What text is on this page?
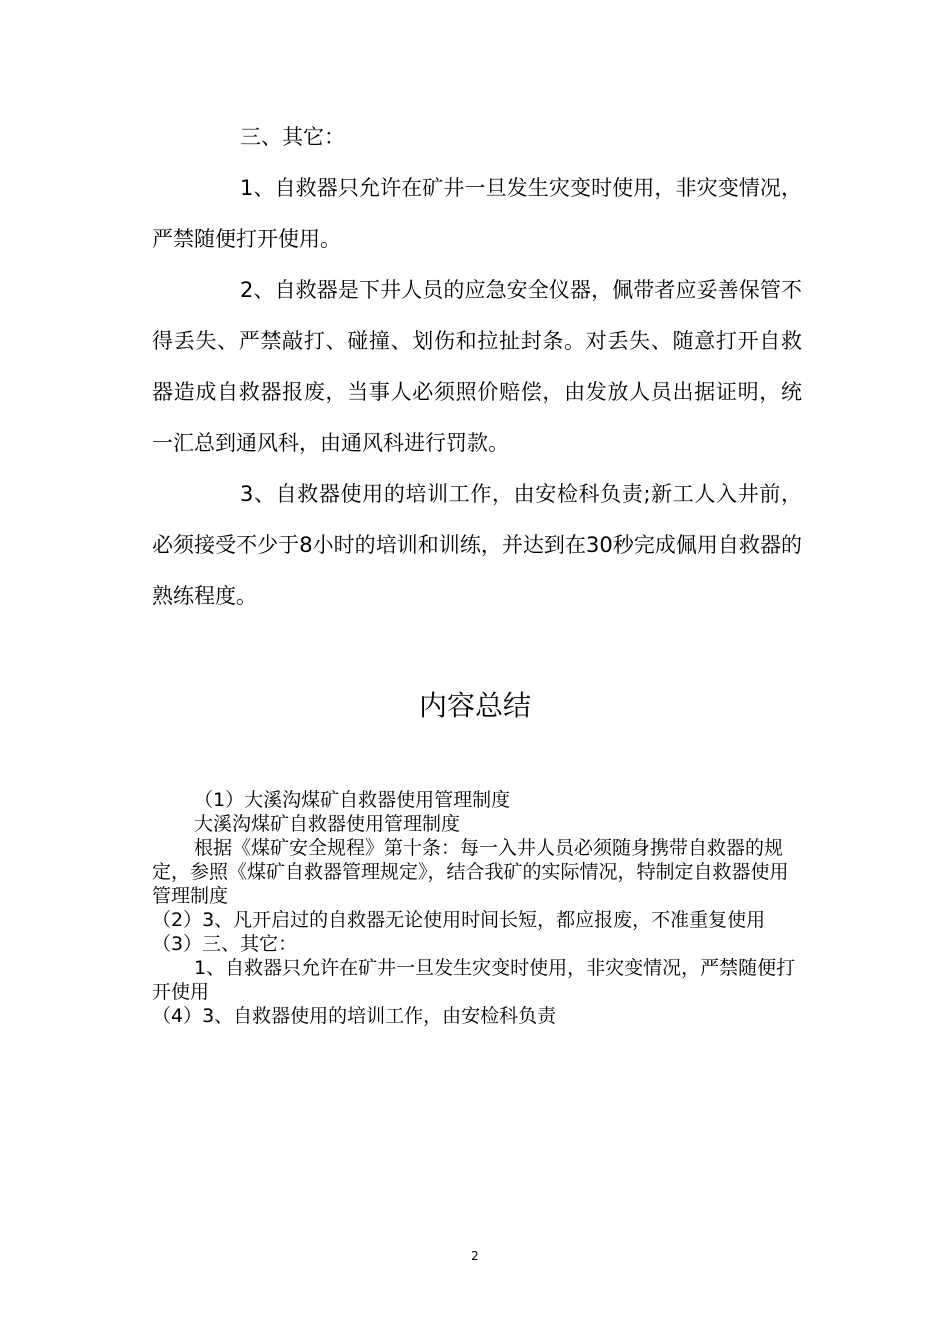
三、其它：

1、自救器只允许在矿井一旦发生灾变时使用，非灾变情况，严禁随便打开使用。

2、自救器是下井人员的应急安全仪器，佩带者应妥善保管不得丢失、严禁敲打、碰撞、划伤和拉扯封条。对丢失、随意打开自救器造成自救器报废，当事人必须照价赔偿，由发放人员出据证明，统一汇总到通风科，由通风科进行罚款。

3、自救器使用的培训工作，由安检科负责;新工人入井前，必须接受不少于8小时的培训和训练，并达到在30秒完成佩用自救器的熟练程度。

内容总结

（1）大溪沟煤矿自救器使用管理制度

大溪沟煤矿自救器使用管理制度

根据《煤矿安全规程》第十条：每一入井人员必须随身携带自救器的规定，参照《煤矿自救器管理规定》，结合我矿的实际情况，特制定自救器使用管理制度

（2）3、凡开启过的自救器无论使用时间长短，都应报废，不准重复使用

（3）三、其它：

1、自救器只允许在矿井一旦发生灾变时使用，非灾变情况，严禁随便打开使用

（4）3、自救器使用的培训工作，由安检科负责

2
